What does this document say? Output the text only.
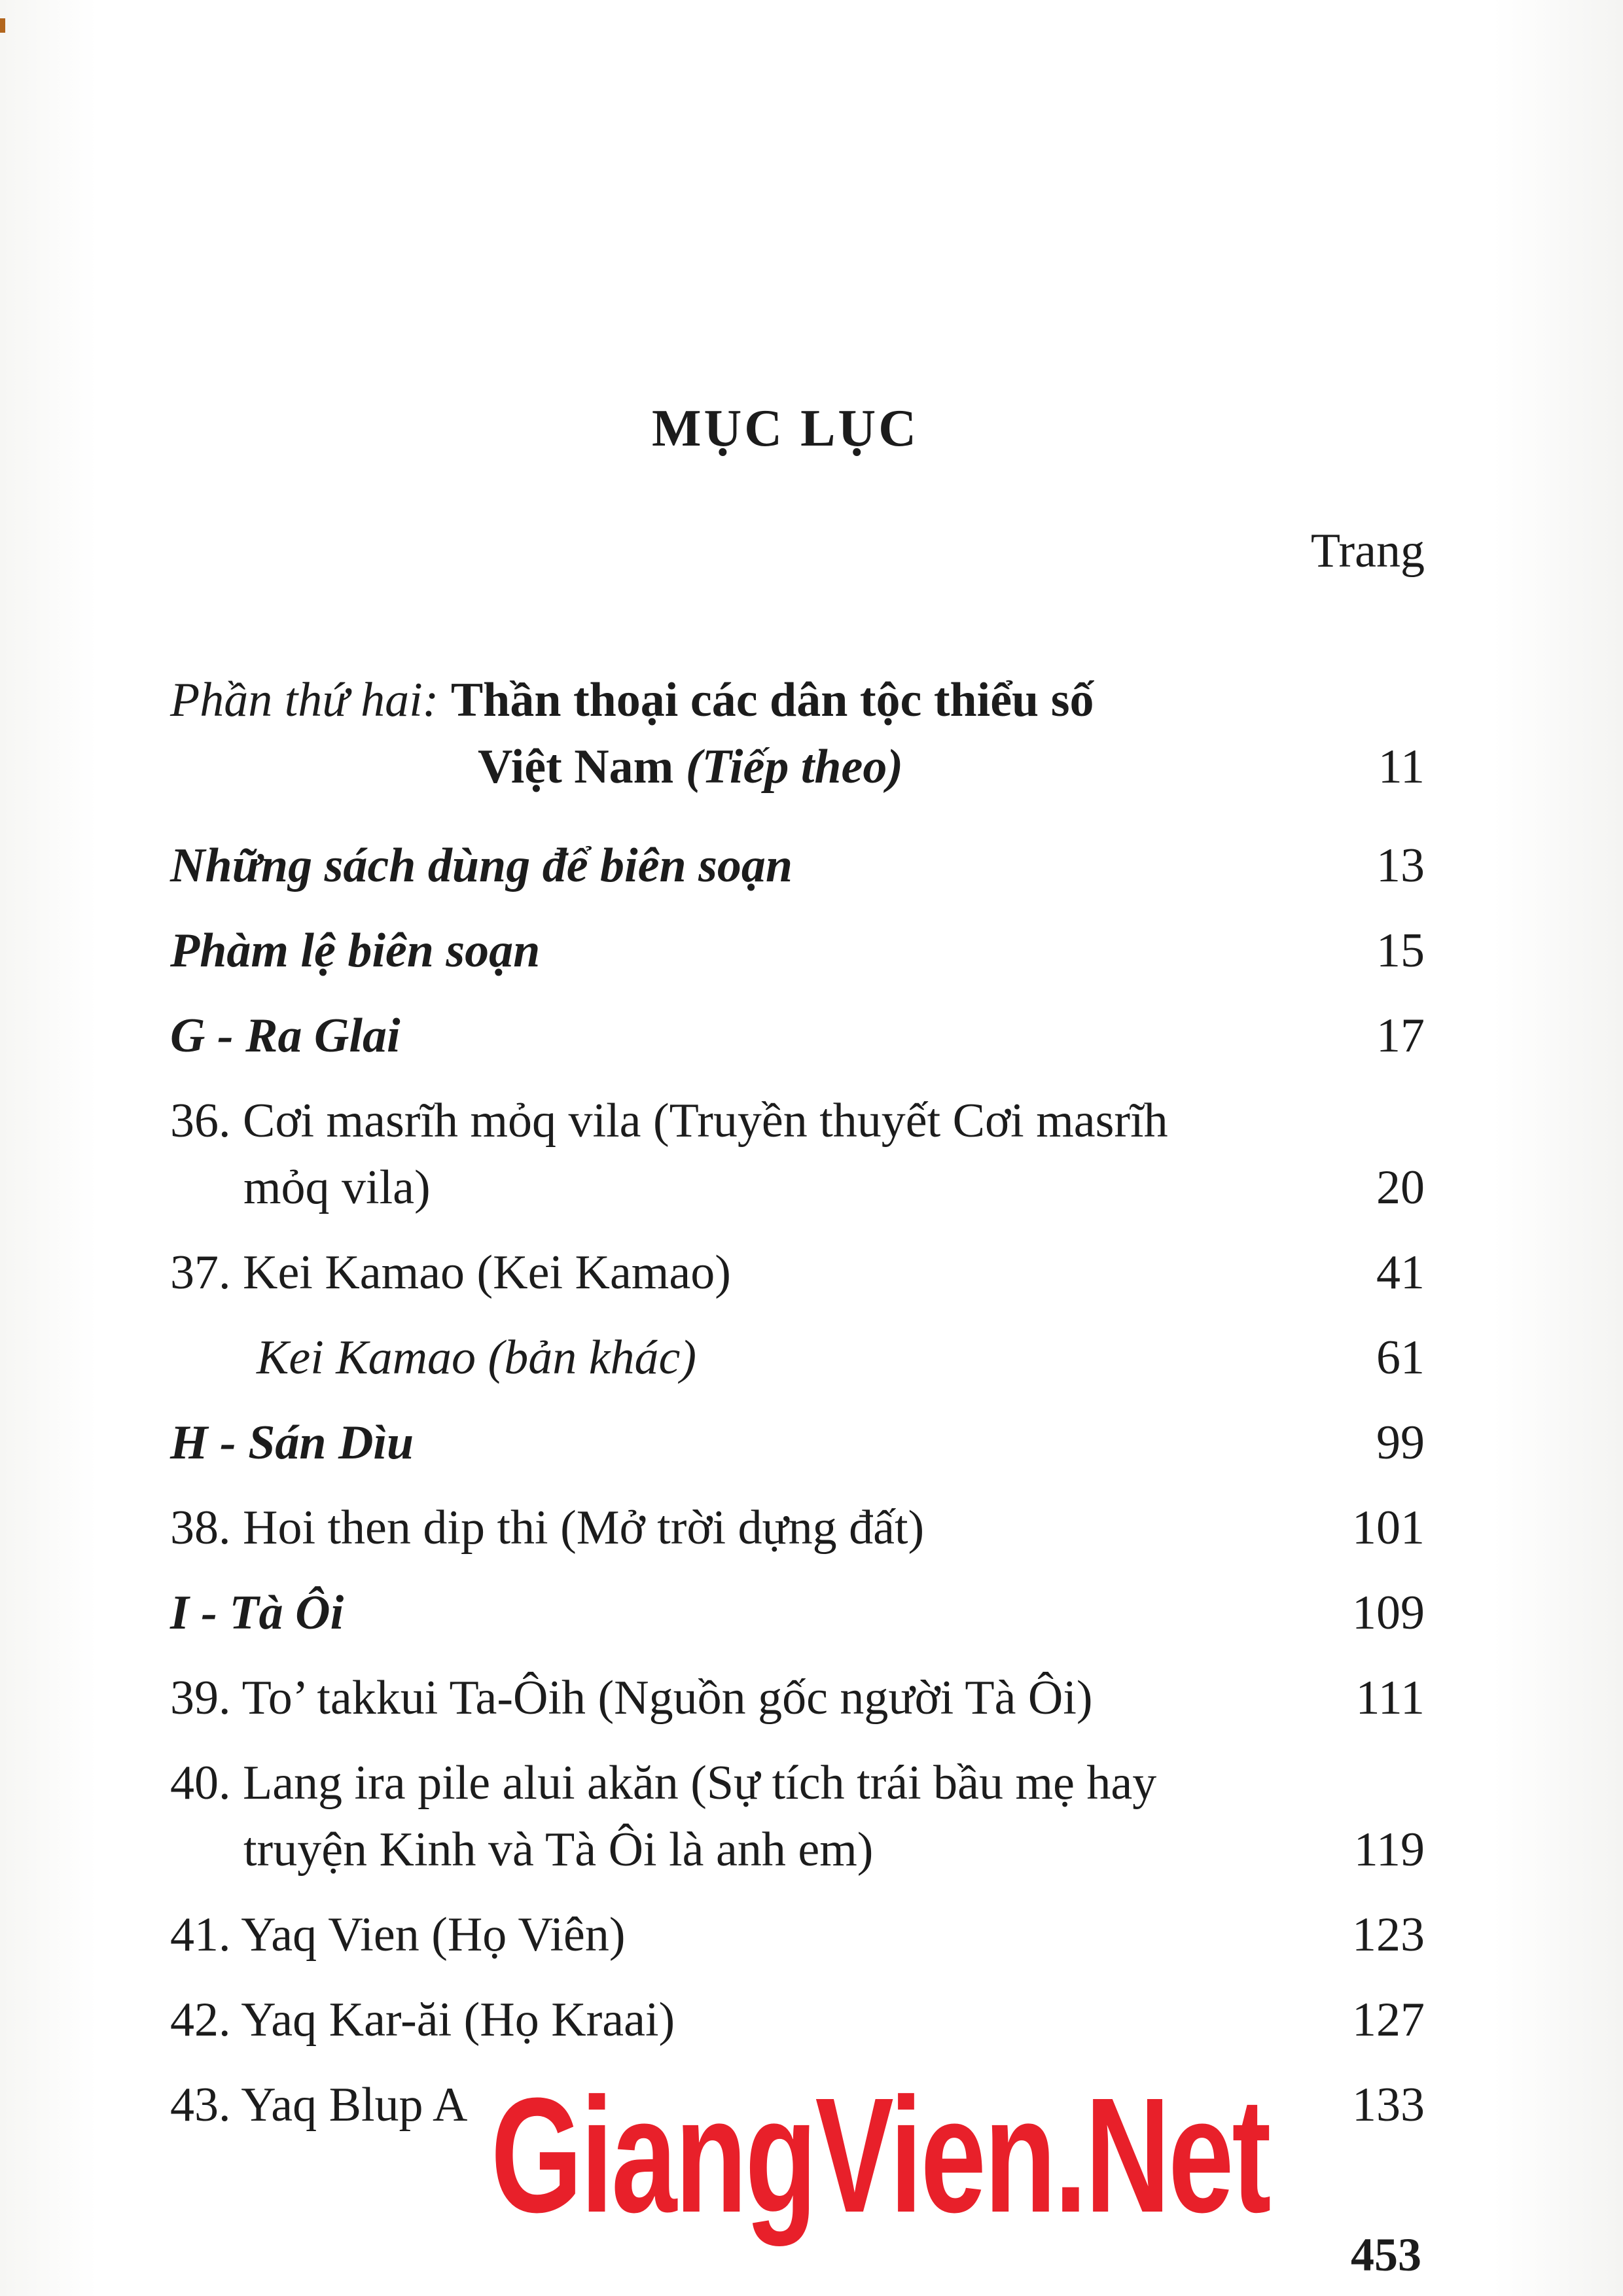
MỤC LỤC
Trang
Phần thứ hai: Thần thoại các dân tộc thiểu số
Việt Nam (Tiếp theo)	11
Những sách dùng để biên soạn	13
Phàm lệ biên soạn	15
G - Ra Glai	17
36. Cơi masrĩh mỏq vila (Truyền thuyết Cơi masrĩh
mỏq vila)	20
37. Kei Kamao (Kei Kamao)	41
Kei Kamao (bản khác)	61
H - Sán Dìu	99
38. Hoi then dip thi (Mở trời dựng đất)	101
I - Tà Ôi	109
39. To’ takkui Ta-Ôih (Nguồn gốc người Tà Ôi)	111
40. Lang ira pile alui akăn (Sự tích trái bầu mẹ hay
truyện Kinh và Tà Ôi là anh em)	119
41. Yaq Vien (Họ Viên)	123
42. Yaq Kar-ăi (Họ Kraai)	127
43. Yaq Blup A	133
GiangVien.Net
453
